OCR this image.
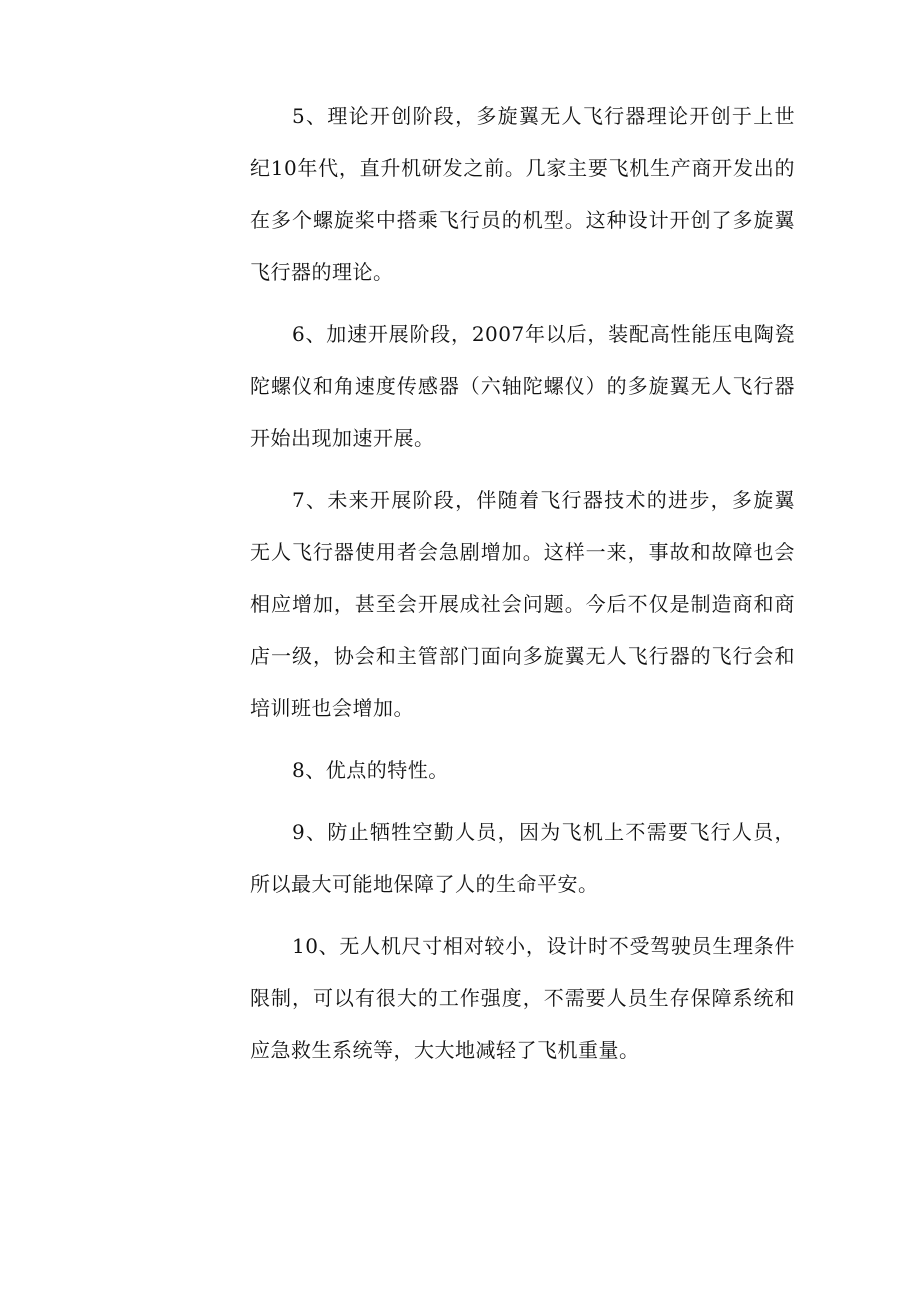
5、理论开创阶段，多旋翼无人飞行器理论开创于上世纪10年代，直升机研发之前。几家主要飞机生产商开发出的在多个螺旋桨中搭乘飞行员的机型。这种设计开创了多旋翼飞行器的理论。

6、加速开展阶段，2007年以后，装配高性能压电陶瓷陀螺仪和角速度传感器（六轴陀螺仪）的多旋翼无人飞行器开始出现加速开展。

7、未来开展阶段，伴随着飞行器技术的进步，多旋翼无人飞行器使用者会急剧增加。这样一来，事故和故障也会相应增加，甚至会开展成社会问题。今后不仅是制造商和商店一级，协会和主管部门面向多旋翼无人飞行器的飞行会和培训班也会增加。

8、优点的特性。

9、防止牺牲空勤人员，因为飞机上不需要飞行人员，所以最大可能地保障了人的生命平安。

10、无人机尺寸相对较小，设计时不受驾驶员生理条件限制，可以有很大的工作强度，不需要人员生存保障系统和应急救生系统等，大大地减轻了飞机重量。
